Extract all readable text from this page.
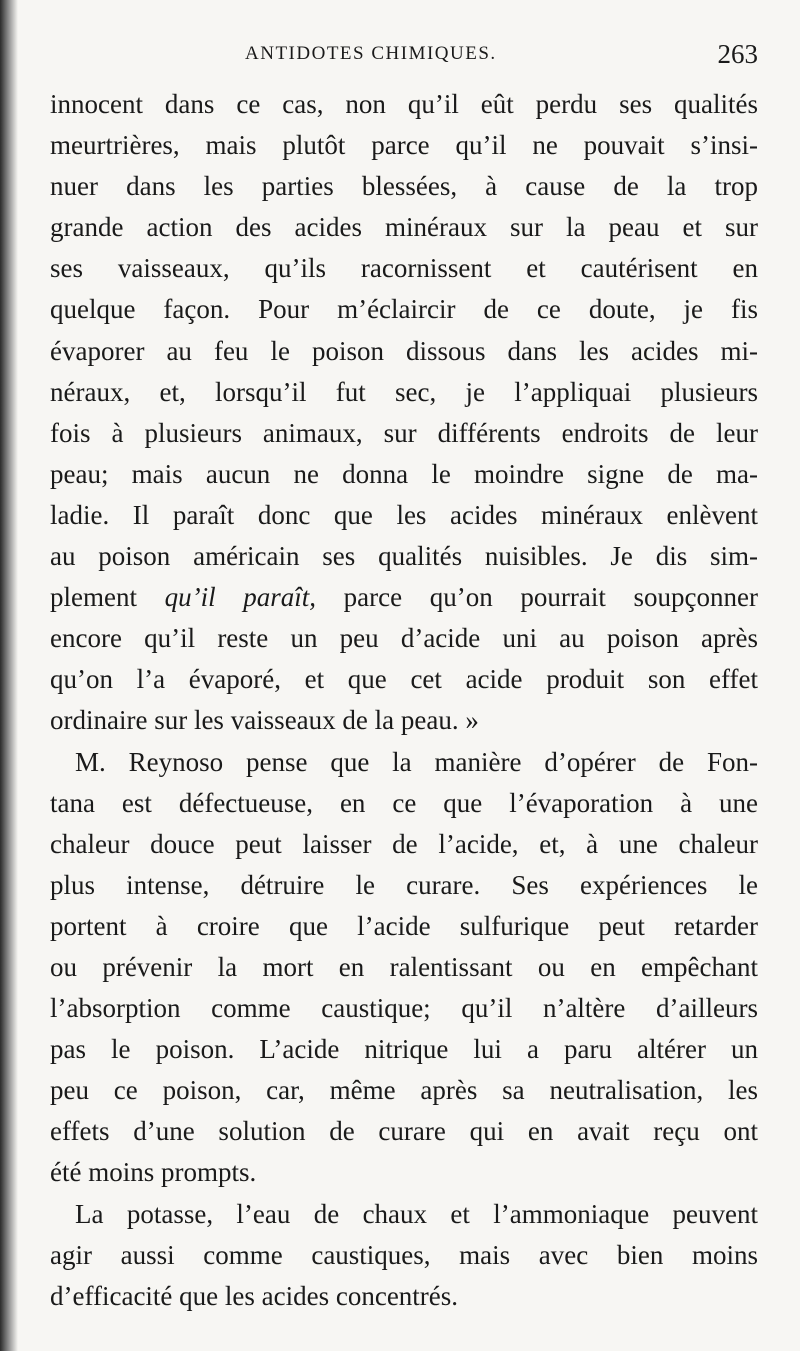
ANTIDOTES CHIMIQUES.	263
innocent dans ce cas, non qu’il eût perdu ses qualités
meurtrières, mais plutôt parce qu’il ne pouvait s’insi-
nuer dans les parties blessées, à cause de la trop
grande action des acides minéraux sur la peau et sur
ses vaisseaux, qu’ils racornissent et cautérisent en
quelque façon. Pour m’éclaircir de ce doute, je fis
évaporer au feu le poison dissous dans les acides mi-
néraux, et, lorsqu’il fut sec, je l’appliquai plusieurs
fois à plusieurs animaux, sur différents endroits de leur
peau; mais aucun ne donna le moindre signe de ma-
ladie. Il paraît donc que les acides minéraux enlèvent
au poison américain ses qualités nuisibles. Je dis sim-
plement qu’il paraît, parce qu’on pourrait soupçonner
encore qu’il reste un peu d’acide uni au poison après
qu’on l’a évaporé, et que cet acide produit son effet
ordinaire sur les vaisseaux de la peau. »
M. Reynoso pense que la manière d’opérer de Fon-
tana est défectueuse, en ce que l’évaporation à une
chaleur douce peut laisser de l’acide, et, à une chaleur
plus intense, détruire le curare. Ses expériences le
portent à croire que l’acide sulfurique peut retarder
ou prévenir la mort en ralentissant ou en empêchant
l’absorption comme caustique; qu’il n’altère d’ailleurs
pas le poison. L’acide nitrique lui a paru altérer un
peu ce poison, car, même après sa neutralisation, les
effets d’une solution de curare qui en avait reçu ont
été moins prompts.
La potasse, l’eau de chaux et l’ammoniaque peuvent
agir aussi comme caustiques, mais avec bien moins
d’efficacité que les acides concentrés.
